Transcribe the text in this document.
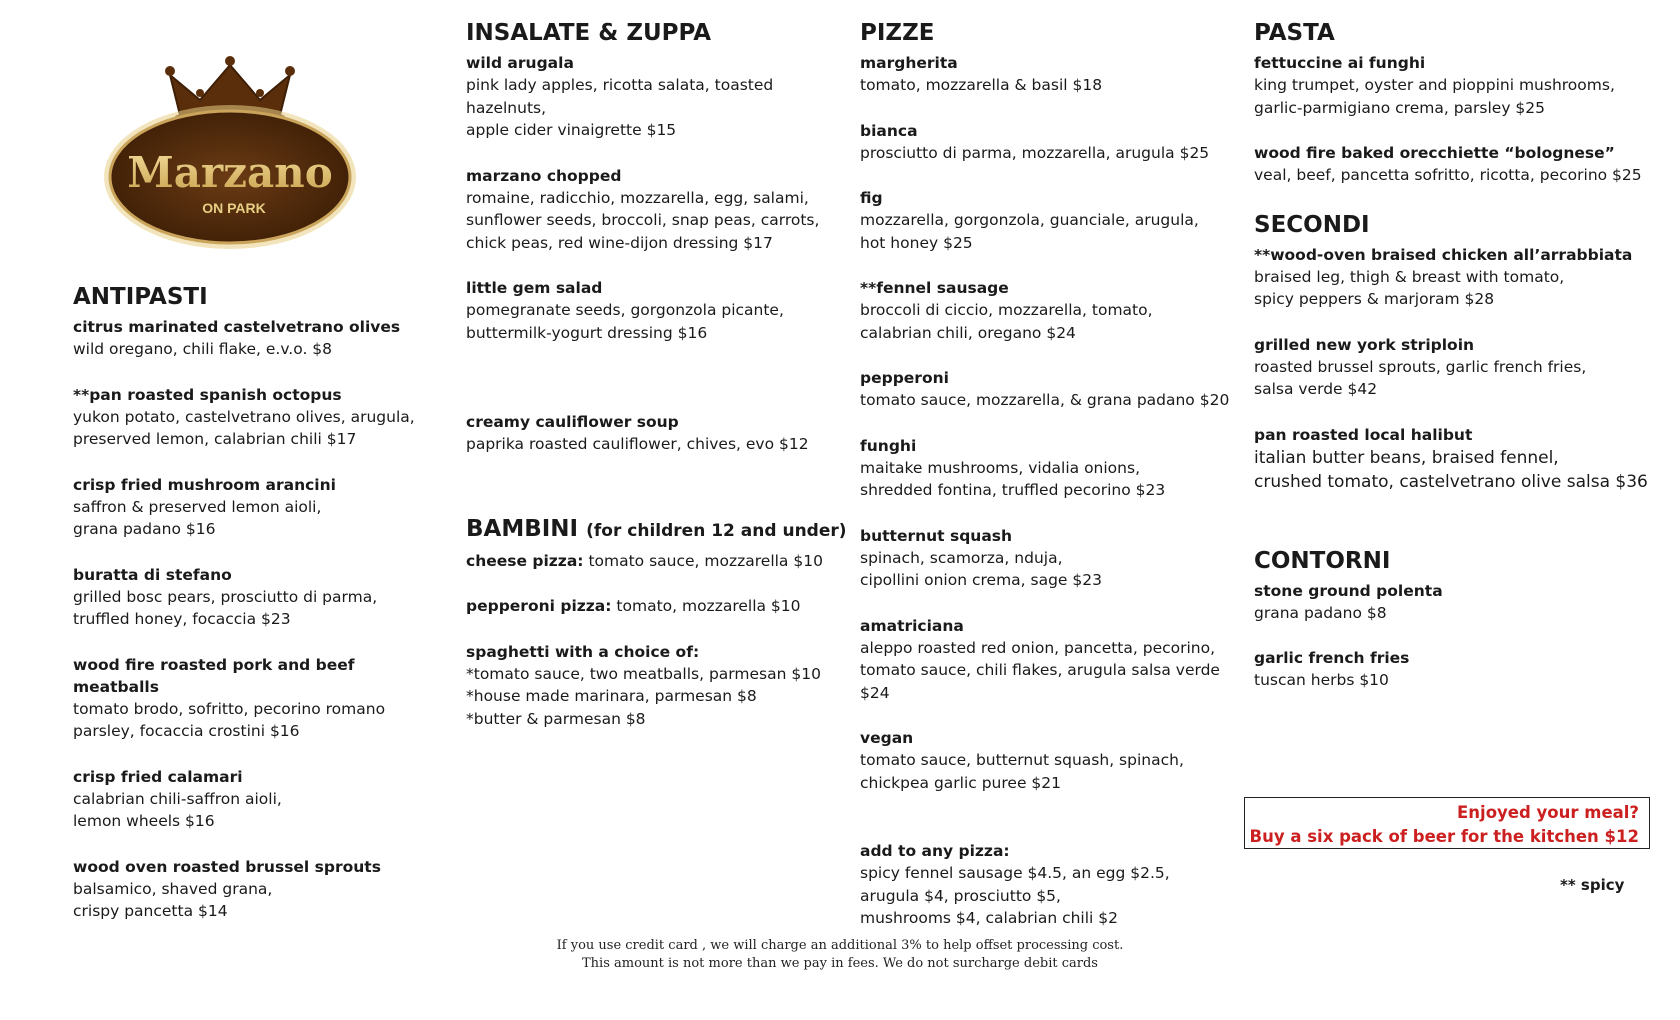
Marzano
ON PARK
ANTIPASTI
citrus marinated castelvetrano olives
wild oregano, chili flake, e.v.o. $8
**pan roasted spanish octopus
yukon potato, castelvetrano olives, arugula,
preserved lemon, calabrian chili $17
crisp fried mushroom arancini
saffron & preserved lemon aioli,
grana padano $16
buratta di stefano
grilled bosc pears, prosciutto di parma,
truffled honey, focaccia $23
wood fire roasted pork and beef meatballs
tomato brodo, sofritto, pecorino romano
parsley, focaccia crostini $16
crisp fried calamari
calabrian chili-saffron aioli,
lemon wheels $16
wood oven roasted brussel sprouts
balsamico, shaved grana,
crispy pancetta $14
INSALATE & ZUPPA
wild arugala
pink lady apples, ricotta salata, toasted hazelnuts,
apple cider vinaigrette $15
marzano chopped
romaine, radicchio, mozzarella, egg, salami,
sunflower seeds, broccoli, snap peas, carrots,
chick peas, red wine-dijon dressing $17
little gem salad
pomegranate seeds, gorgonzola picante,
buttermilk-yogurt dressing $16
creamy cauliflower soup
paprika roasted cauliflower, chives, evo $12
BAMBINI (for children 12 and under)
cheese pizza: tomato sauce, mozzarella $10
pepperoni pizza: tomato, mozzarella $10
spaghetti with a choice of:
*tomato sauce, two meatballs, parmesan $10
*house made marinara, parmesan $8
*butter & parmesan $8
PIZZE
margherita
tomato, mozzarella & basil $18
bianca
prosciutto di parma, mozzarella, arugula $25
fig
mozzarella, gorgonzola, guanciale, arugula,
hot honey $25
**fennel sausage
broccoli di ciccio, mozzarella, tomato,
calabrian chili, oregano $24
pepperoni
tomato sauce, mozzarella, & grana padano $20
funghi
maitake mushrooms, vidalia onions,
shredded fontina, truffled pecorino $23
butternut squash
spinach, scamorza, nduja,
cipollini onion crema, sage $23
amatriciana
aleppo roasted red onion, pancetta, pecorino,
tomato sauce, chili flakes, arugula salsa verde $24
vegan
tomato sauce, butternut squash, spinach,
chickpea garlic puree $21
add to any pizza:
spicy fennel sausage $4.5, an egg $2.5,
arugula $4, prosciutto $5,
mushrooms $4, calabrian chili $2
PASTA
fettuccine ai funghi
king trumpet, oyster and pioppini mushrooms,
garlic-parmigiano crema, parsley $25
wood fire baked orecchiette “bolognese”
veal, beef, pancetta sofritto, ricotta, pecorino $25
SECONDI
**wood-oven braised chicken all’arrabbiata
braised leg, thigh & breast with tomato,
spicy peppers & marjoram $28
grilled new york striploin
roasted brussel sprouts, garlic french fries,
salsa verde $42
pan roasted local halibut
italian butter beans, braised fennel,
crushed tomato, castelvetrano olive salsa $36
CONTORNI
stone ground polenta
grana padano $8
garlic french fries
tuscan herbs $10
Enjoyed your meal?
Buy a six pack of beer for the kitchen $12
** spicy
If you use credit card , we will charge an additional 3% to help offset processing cost.
This amount is not more than we pay in fees. We do not surcharge debit cards
